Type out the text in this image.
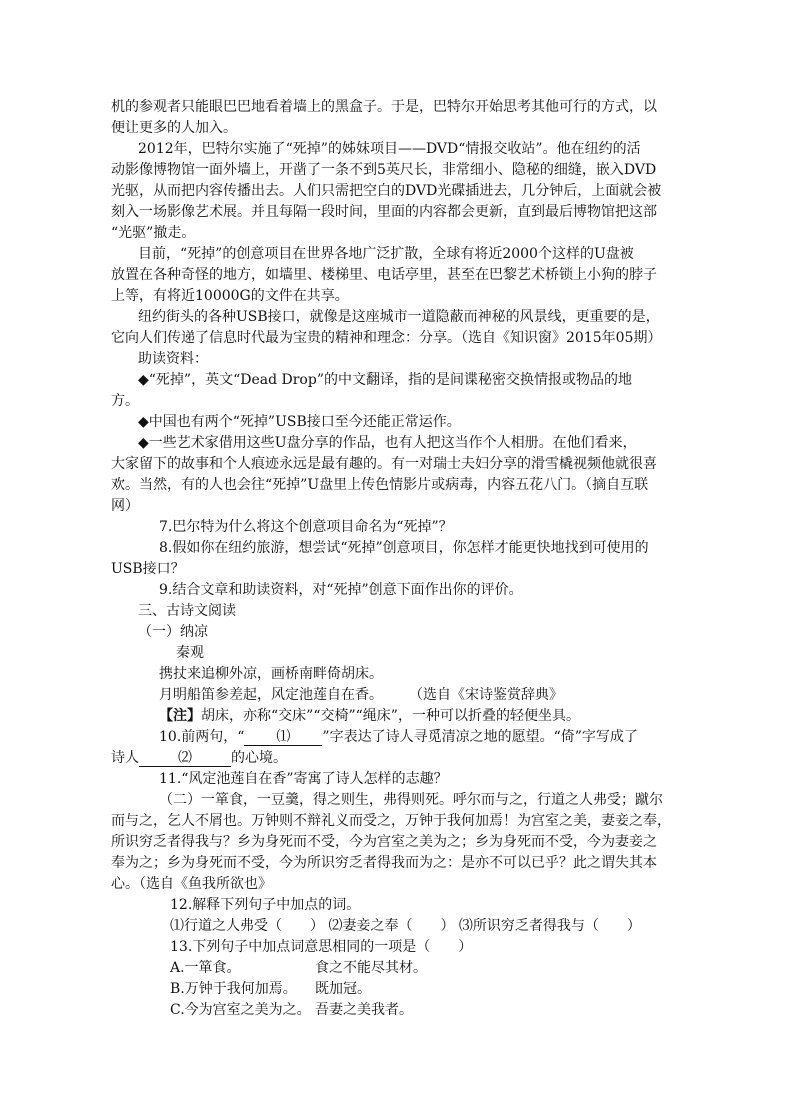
机的参观者只能眼巴巴地看着墙上的黑盒子。于是，巴特尔开始思考其他可行的方式，以
便让更多的人加入。
2012年，巴特尔实施了“死掉”的姊妹项目——DVD“情报交收站”。他在纽约的活
动影像博物馆一面外墙上，开凿了一条不到5英尺长，非常细小、隐秘的细缝，嵌入DVD
光驱，从而把内容传播出去。人们只需把空白的DVD光碟插进去，几分钟后，上面就会被
刻入一场影像艺术展。并且每隔一段时间，里面的内容都会更新，直到最后博物馆把这部
“光驱”撤走。
目前，“死掉”的创意项目在世界各地广泛扩散，全球有将近2000个这样的U盘被
放置在各种奇怪的地方，如墙里、楼梯里、电话亭里，甚至在巴黎艺术桥锁上小狗的脖子
上等，有将近10000G的文件在共享。
纽约街头的各种USB接口，就像是这座城市一道隐蔽而神秘的风景线，更重要的是，
它向人们传递了信息时代最为宝贵的精神和理念：分享。（选自《知识窗》2015年05期）
助读资料：
◆“死掉”，英文“Dead Drop”的中文翻译，指的是间谍秘密交换情报或物品的地
方。
◆中国也有两个“死掉”USB接口至今还能正常运作。
◆一些艺术家借用这些U盘分享的作品，也有人把这当作个人相册。在他们看来，
大家留下的故事和个人痕迹永远是最有趣的。有一对瑞士夫妇分享的滑雪橇视频他就很喜
欢。当然，有的人也会往“死掉”U盘里上传色情影片或病毒，内容五花八门。（摘自互联
网）
7.巴尔特为什么将这个创意项目命名为“死掉”？
8.假如你在纽约旅游，想尝试“死掉”创意项目，你怎样才能更快地找到可使用的
USB接口？
9.结合文章和助读资料，对“死掉”创意下面作出你的评价。
三、古诗文阅读
（一）纳凉
秦观
携扙来追柳外凉，画桥南畔倚胡床。
月明船笛参差起，风定池莲自在香。 （选自《宋诗鉴赏辞典》
【注】胡床，亦称“交床”“交椅”“绳床”，一种可以折叠的轻便坐具。
10.前两句，“ ⑴ ”字表达了诗人寻觅清凉之地的愿望。“倚”字写成了
诗人	⑵	的心境。
11.“风定池莲自在香”寄寓了诗人怎样的志趣？
（二）一箪食，一豆羹，得之则生，弗得则死。呼尔而与之，行道之人弗受；蹴尔
而与之，乞人不屑也。万钟则不辩礼义而受之，万钟于我何加焉！为宫室之美，妻妾之奉，
所识穷乏者得我与？乡为身死而不受，今为宫室之美为之；乡为身死而不受，今为妻妾之
奉为之；乡为身死而不受，今为所识穷乏者得我而为之：是亦不可以已乎？此之谓失其本
心。（选自《鱼我所欲也》
12.解释下列句子中加点的词。
⑴行道之人弗受（　　） ⑵妻妾之奉（　　） ⑶所识穷乏者得我与（　　）
13.下列句子中加点词意思相同的一项是（　　）
A.一箪食。	食之不能尽其材。
B.万钟于我何加焉。 既加冠。
C.今为宫室之美为之。 吾妻之美我者。
